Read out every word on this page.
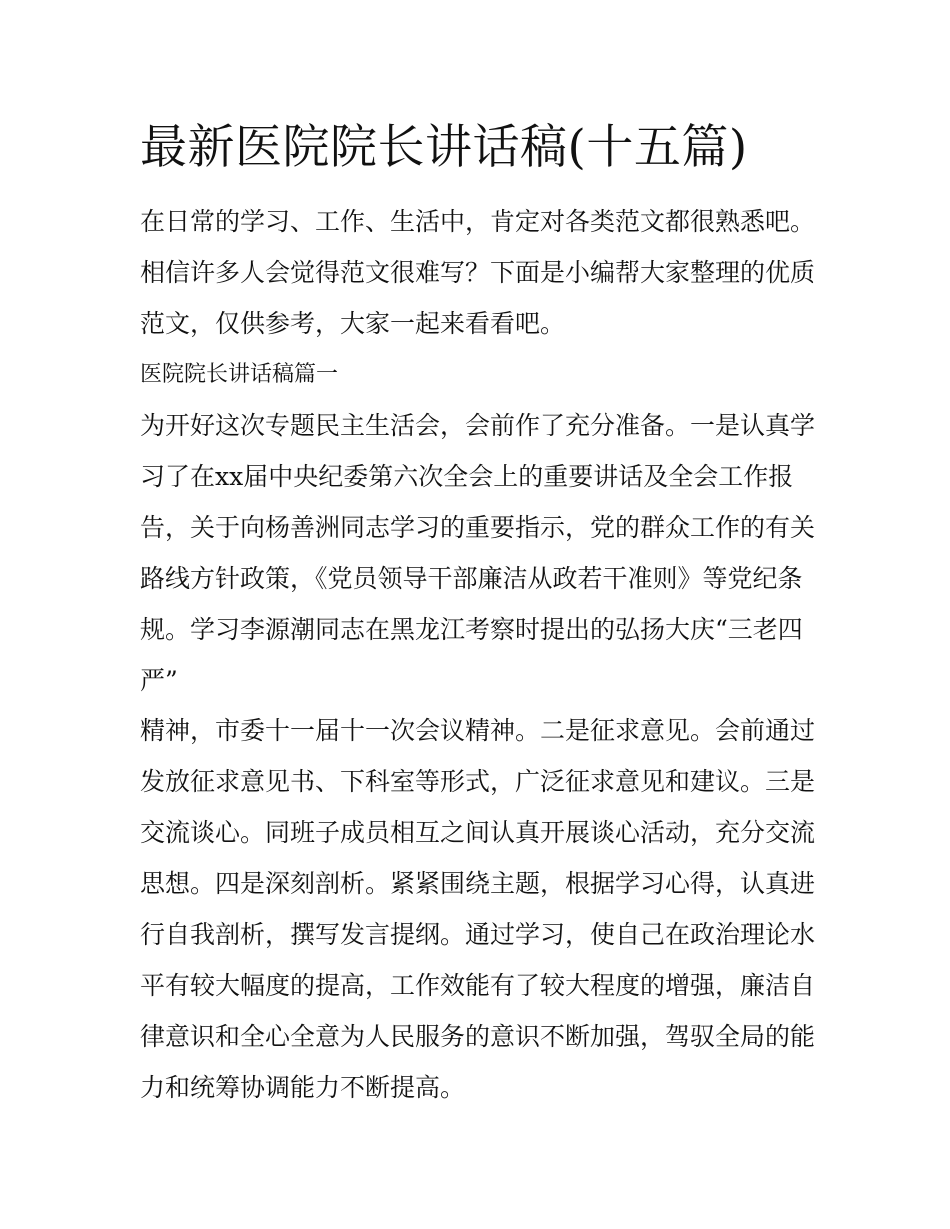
最新医院院长讲话稿(十五篇)
在日常的学习、工作、生活中，肯定对各类范文都很熟悉吧。
相信许多人会觉得范文很难写？下面是小编帮大家整理的优质
范文，仅供参考，大家一起来看看吧。
医院院长讲话稿篇一
为开好这次专题民主生活会，会前作了充分准备。一是认真学
习了在xx届中央纪委第六次全会上的重要讲话及全会工作报
告，关于向杨善洲同志学习的重要指示，党的群众工作的有关
路线方针政策，《党员领导干部廉洁从政若干准则》等党纪条
规。学习李源潮同志在黑龙江考察时提出的弘扬大庆“三老四
严”
精神，市委十一届十一次会议精神。二是征求意见。会前通过
发放征求意见书、下科室等形式，广泛征求意见和建议。三是
交流谈心。同班子成员相互之间认真开展谈心活动，充分交流
思想。四是深刻剖析。紧紧围绕主题，根据学习心得，认真进
行自我剖析，撰写发言提纲。通过学习，使自己在政治理论水
平有较大幅度的提高，工作效能有了较大程度的增强，廉洁自
律意识和全心全意为人民服务的意识不断加强，驾驭全局的能
力和统筹协调能力不断提高。
